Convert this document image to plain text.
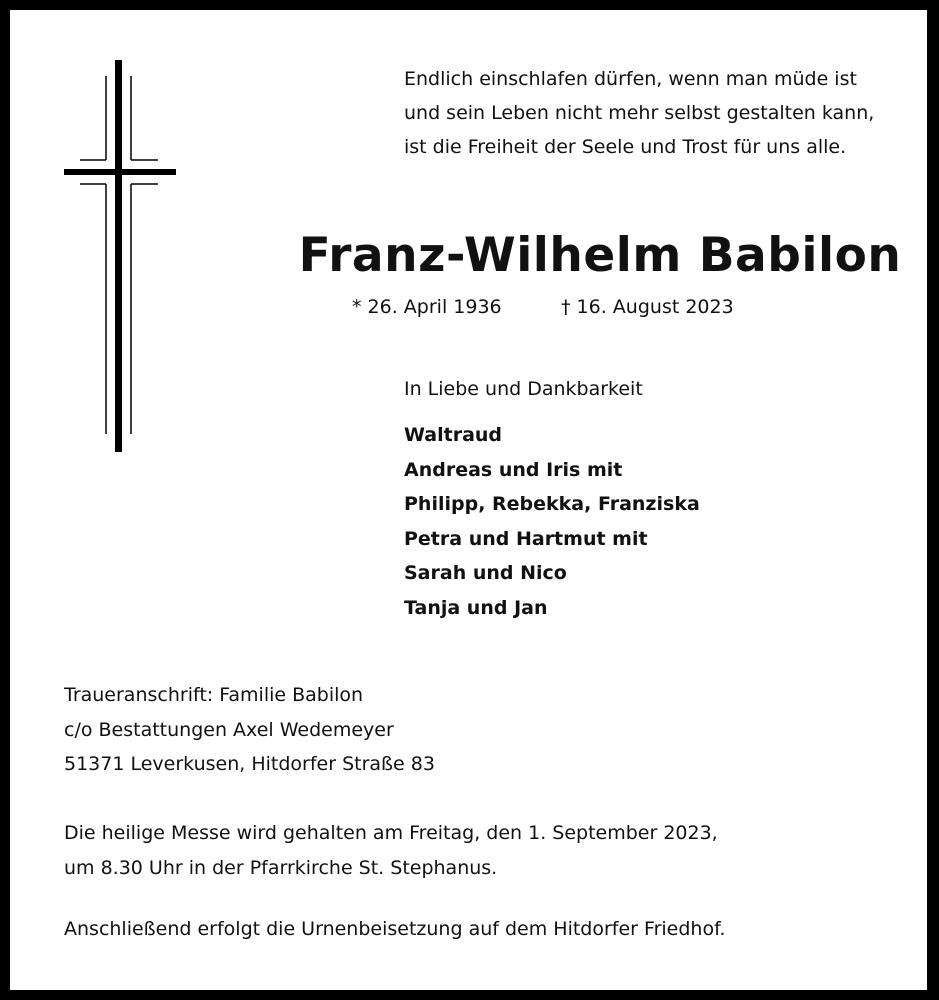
Endlich einschlafen dürfen, wenn man müde ist
und sein Leben nicht mehr selbst gestalten kann,
ist die Freiheit der Seele und Trost für uns alle.
Franz-Wilhelm Babilon
* 26. April 1936	† 16. August 2023
In Liebe und Dankbarkeit
Waltraud
Andreas und Iris mit
Philipp, Rebekka, Franziska
Petra und Hartmut mit
Sarah und Nico
Tanja und Jan
Traueranschrift: Familie Babilon
c/o Bestattungen Axel Wedemeyer
51371 Leverkusen, Hitdorfer Straße 83
Die heilige Messe wird gehalten am Freitag, den 1. September 2023,
um 8.30 Uhr in der Pfarrkirche St. Stephanus.
Anschließend erfolgt die Urnenbeisetzung auf dem Hitdorfer Friedhof.
